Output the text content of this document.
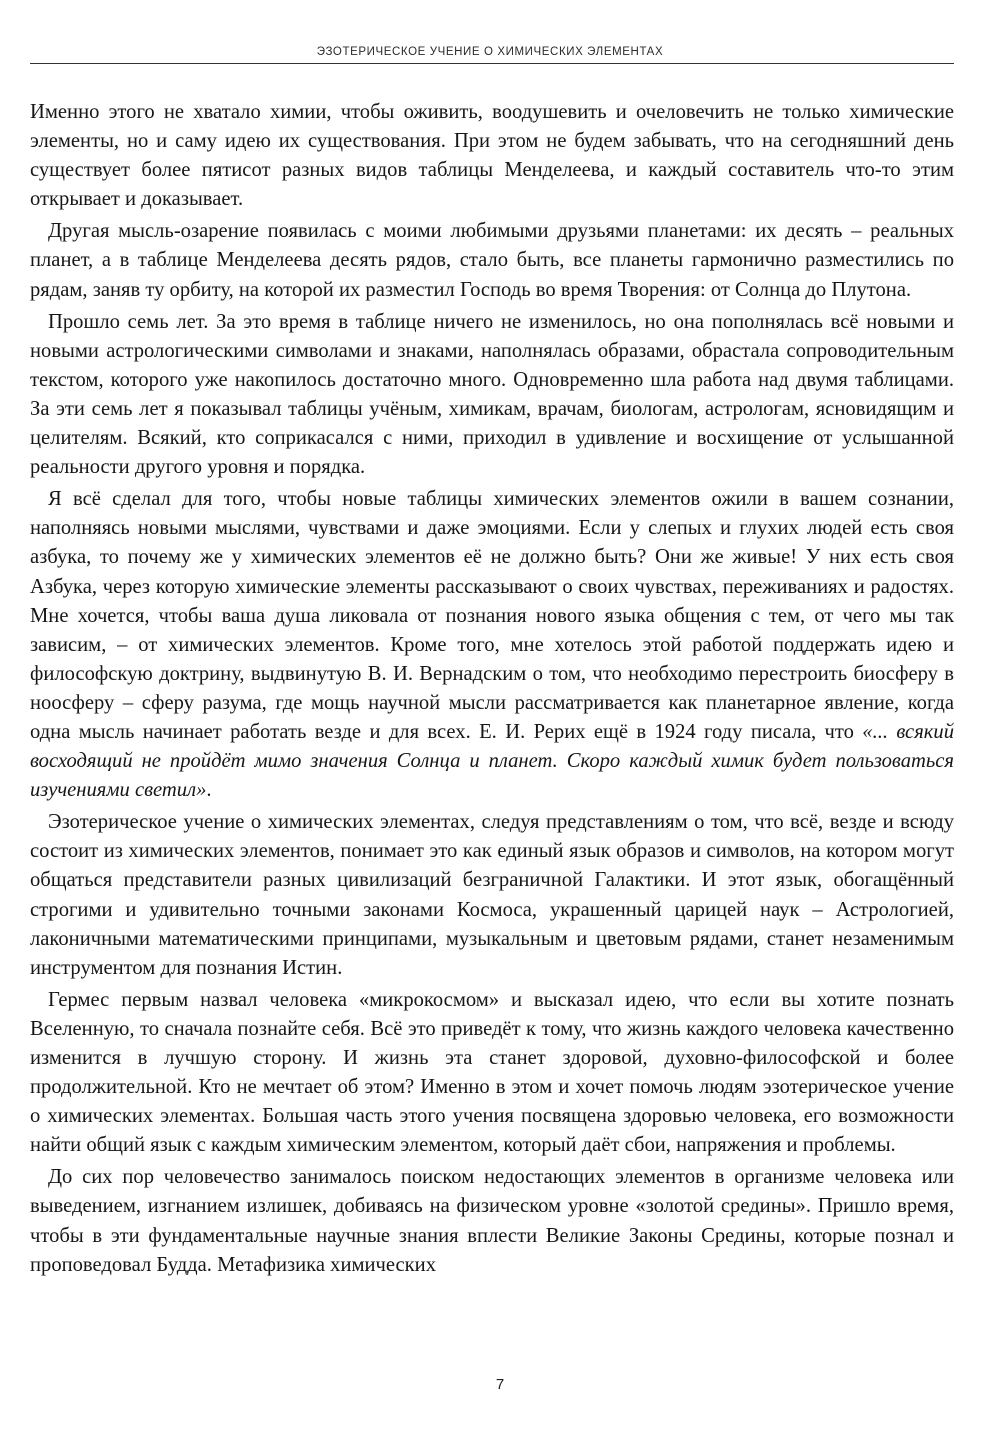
ЭЗОТЕРИЧЕСКОЕ УЧЕНИЕ О ХИМИЧЕСКИХ ЭЛЕМЕНТАХ

Именно этого не хватало химии, чтобы оживить, воодушевить и очеловечить не только химические элементы, но и саму идею их существования. При этом не будем забывать, что на сегодняшний день существует более пятисот разных видов таблицы Менделеева, и каждый составитель что-то этим открывает и доказывает.

Другая мысль-озарение появилась с моими любимыми друзьями планетами: их десять – реальных планет, а в таблице Менделеева десять рядов, стало быть, все планеты гармонично разместились по рядам, заняв ту орбиту, на которой их разместил Господь во время Творения: от Солнца до Плутона.

Прошло семь лет. За это время в таблице ничего не изменилось, но она пополнялась всё новыми и новыми астрологическими символами и знаками, наполнялась образами, обрастала сопроводительным текстом, которого уже накопилось достаточно много. Одновременно шла работа над двумя таблицами. За эти семь лет я показывал таблицы учёным, химикам, врачам, биологам, астрологам, ясновидящим и целителям. Всякий, кто соприкасался с ними, приходил в удивление и восхищение от услышанной реальности другого уровня и порядка.

Я всё сделал для того, чтобы новые таблицы химических элементов ожили в вашем сознании, наполняясь новыми мыслями, чувствами и даже эмоциями. Если у слепых и глухих людей есть своя азбука, то почему же у химических элементов её не должно быть? Они же живые! У них есть своя Азбука, через которую химические элементы рассказывают о своих чувствах, переживаниях и радостях. Мне хочется, чтобы ваша душа ликовала от познания нового языка общения с тем, от чего мы так зависим, – от химических элементов. Кроме того, мне хотелось этой работой поддержать идею и философскую доктрину, выдвинутую В. И. Вернадским о том, что необходимо перестроить биосферу в ноосферу – сферу разума, где мощь научной мысли рассматривается как планетарное явление, когда одна мысль начинает работать везде и для всех. Е. И. Рерих ещё в 1924 году писала, что «... всякий восходящий не пройдёт мимо значения Солнца и планет. Скоро каждый химик будет пользоваться изучениями светил».

Эзотерическое учение о химических элементах, следуя представлениям о том, что всё, везде и всюду состоит из химических элементов, понимает это как единый язык образов и символов, на котором могут общаться представители разных цивилизаций безграничной Галактики. И этот язык, обогащённый строгими и удивительно точными законами Космоса, украшенный царицей наук – Астрологией, лаконичными математическими принципами, музыкальным и цветовым рядами, станет незаменимым инструментом для познания Истин.

Гермес первым назвал человека «микрокосмом» и высказал идею, что если вы хотите познать Вселенную, то сначала познайте себя. Всё это приведёт к тому, что жизнь каждого человека качественно изменится в лучшую сторону. И жизнь эта станет здоровой, духовно-философской и более продолжительной. Кто не мечтает об этом? Именно в этом и хочет помочь людям эзотерическое учение о химических элементах. Большая часть этого учения посвящена здоровью человека, его возможности найти общий язык с каждым химическим элементом, который даёт сбои, напряжения и проблемы.

До сих пор человечество занималось поиском недостающих элементов в организме человека или выведением, изгнанием излишек, добиваясь на физическом уровне «золотой средины». Пришло время, чтобы в эти фундаментальные научные знания вплести Великие Законы Средины, которые познал и проповедовал Будда. Метафизика химических

7
